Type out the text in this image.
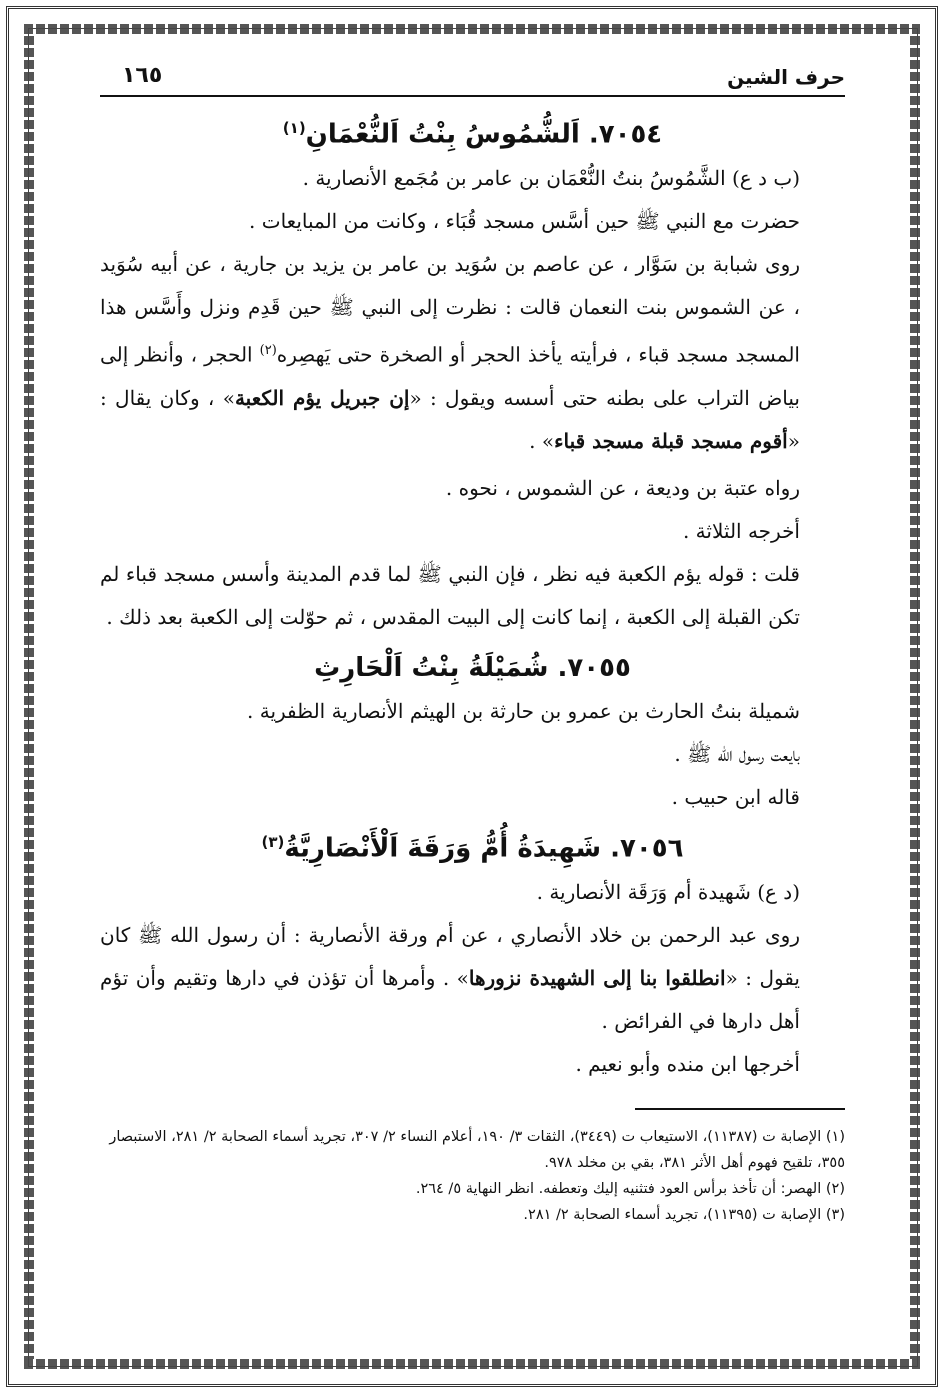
حرف الشين
١٦٥
٧٠٥٤. اَلشُّمُوسُ بِنْتُ اَلنُّعْمَانِ$^{(١)}$

(ب د ع) الشَّمُوسُ بنتُ النُّعْمَان بن عامر بن مُجَمع الأنصارية .

حضرت مع النبي ﷺ حين أسَّس مسجد قُبَاء ، وكانت من المبايعات .

روى شبابة بن سَوَّار ، عن عاصم بن سُوَيد بن عامر بن يزيد بن جارية ، عن أبيه سُوَيد ، عن الشموس بنت النعمان قالت : نظرت إلى النبي ﷺ حين قَدِم ونزل وأَسَّس هذا المسجد مسجد قباء ، فرأيته يأخذ الحجر أو الصخرة حتى يَهصِره$^{(٢)}$ الحجر ، وأنظر إلى بياض التراب على بطنه حتى أسسه ويقول : «إن جبريل يؤم الكعبة» ، وكان يقال : «أقوم مسجد قبلة مسجد قباء» .

رواه عتبة بن وديعة ، عن الشموس ، نحوه .

أخرجه الثلاثة .

قلت : قوله يؤم الكعبة فيه نظر ، فإن النبي ﷺ لما قدم المدينة وأسس مسجد قباء لم تكن القبلة إلى الكعبة ، إنما كانت إلى البيت المقدس ، ثم حوّلت إلى الكعبة بعد ذلك .

٧٠٥٥. شُمَيْلَةُ بِنْتُ اَلْحَارِثِ

شميلة بنتُ الحارث بن عمرو بن حارثة بن الهيثم الأنصارية الظفرية .

بايعت رسول الله ﷺ .

قاله ابن حبيب .

٧٠٥٦. شَهِيدَةُ أُمُّ وَرَقَةَ اَلْأَنْصَارِيَّةُ$^{(٣)}$

(د ع) شَهيدة أم وَرَقَة الأنصارية .

روى عبد الرحمن بن خلاد الأنصاري ، عن أم ورقة الأنصارية : أن رسول الله ﷺ كان يقول : «انطلقوا بنا إلى الشهيدة نزورها» . وأمرها أن تؤذن في دارها وتقيم وأن تؤم أهل دارها في الفرائض .

أخرجها ابن منده وأبو نعيم .

(١) الإصابة ت (١١٣٨٧)، الاستيعاب ت (٣٤٤٩)، الثقات ٣/ ١٩٠، أعلام النساء ٢/ ٣٠٧، تجريد أسماء الصحابة ٢/ ٢٨١، الاستبصار ٣٥٥، تلقيح فهوم أهل الأثر ٣٨١، بقي بن مخلد ٩٧٨.

(٢) الهصر: أن تأخذ برأس العود فتثنيه إليك وتعطفه. انظر النهاية ٥/ ٢٦٤.

(٣) الإصابة ت (١١٣٩٥)، تجريد أسماء الصحابة ٢/ ٢٨١.
